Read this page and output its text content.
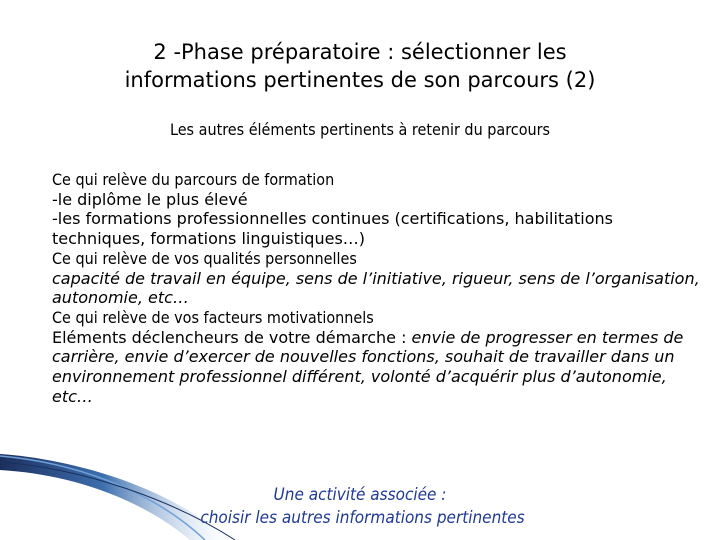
2 -Phase préparatoire : sélectionner les
informations pertinentes de son parcours (2)
Les autres éléments pertinents à retenir du parcours

Ce qui relève du parcours de formation

-le diplôme le plus élevé

-les formations professionnelles continues (certifications, habilitations techniques, formations linguistiques…)

Ce qui relève de vos qualités personnelles

capacité de travail en équipe, sens de l’initiative, rigueur, sens de l’organisation, autonomie, etc…

Ce qui relève de vos facteurs motivationnels

Eléments déclencheurs de votre démarche : envie de progresser en termes de carrière, envie d’exercer de nouvelles fonctions, souhait de travailler dans un environnement professionnel différent, volonté d’acquérir plus d’autonomie, etc…

Une activité associée :
choisir les autres informations pertinentes
